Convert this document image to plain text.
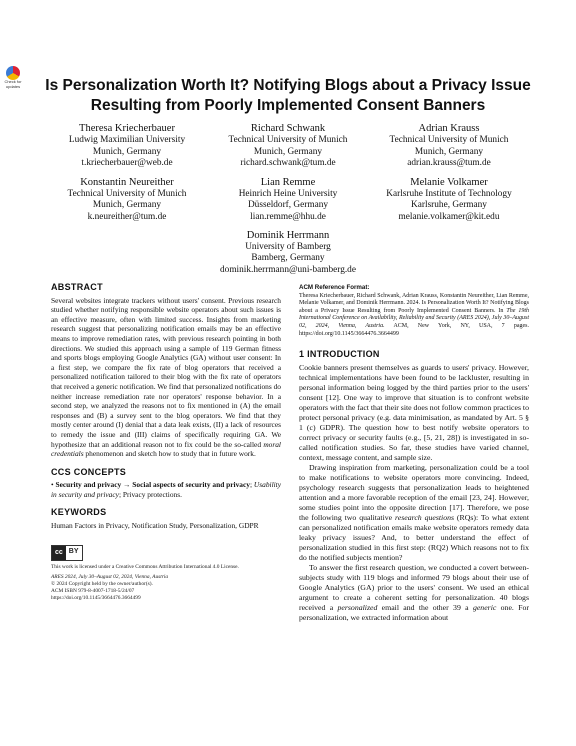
Check for
updates	Is Personalization Worth It? Notifying Blogs about a Privacy Issue Resulting from Poorly Implemented Consent Banners
Theresa Kriecherbauer
Ludwig Maximilian University
Munich, Germany
t.kriecherbauer@web.de
Richard Schwank
Technical University of Munich
Munich, Germany
richard.schwank@tum.de
Adrian Krauss
Technical University of Munich
Munich, Germany
adrian.krauss@tum.de
Konstantin Neureither
Technical University of Munich
Munich, Germany
k.neureither@tum.de
Lian Remme
Heinrich Heine University
Düsseldorf, Germany
lian.remme@hhu.de
Melanie Volkamer
Karlsruhe Institute of Technology
Karlsruhe, Germany
melanie.volkamer@kit.edu
Dominik Herrmann
University of Bamberg
Bamberg, Germany
dominik.herrmann@uni-bamberg.de
ABSTRACT

Several websites integrate trackers without users' consent. Previous research studied whether notifying responsible website operators about such issues is an effective measure, often with limited success. Insights from marketing research suggest that personalizing notification emails may be an effective means to improve remediation rates, with previous research pointing in both directions. We studied this approach using a sample of 119 German fitness and sports blogs employing Google Analytics (GA) without user consent: In a first step, we compare the fix rate of blog operators that received a personalized notification tailored to their blog with the fix rate of operators that received a generic notification. We find that personalized notifications do neither increase remediation rate nor operators' response behavior. In a second step, we analyzed the reasons not to fix mentioned in (A) the email responses and (B) a survey sent to the blog operators. We find that they mostly center around (I) denial that a data leak exists, (II) a lack of resources to remedy the issue and (III) claims of specifically requiring GA. We hypothesize that an additional reason not to fix could be the so-called moral credentials phenomenon and sketch how to study that in future work.

CCS CONCEPTS

• Security and privacy → Social aspects of security and privacy; Usability in security and privacy; Privacy protections.

KEYWORDS

Human Factors in Privacy, Notification Study, Personalization, GDPR

cc BY
This work is licensed under a Creative Commons Attribution International 4.0 License.
ARES 2024, July 30–August 02, 2024, Vienna, Austria
© 2024 Copyright held by the owner/author(s).
ACM ISBN 979-8-4007-1718-5/24/07
https://doi.org/10.1145/3664476.3664499
ACM Reference Format:

Theresa Kriecherbauer, Richard Schwank, Adrian Krauss, Konstantin Neureither, Lian Remme, Melanie Volkamer, and Dominik Herrmann. 2024. Is Personalization Worth It? Notifying Blogs about a Privacy Issue Resulting from Poorly Implemented Consent Banners. In The 19th International Conference on Availability, Reliability and Security (ARES 2024), July 30–August 02, 2024, Vienna, Austria. ACM, New York, NY, USA, 7 pages. https://doi.org/10.1145/3664476.3664499

1 INTRODUCTION

Cookie banners present themselves as guards to users' privacy. However, technical implementations have been found to be lackluster, resulting in personal information being logged by the third parties prior to the users' consent [12]. One way to improve that situation is to confront website operators with the fact that their site does not follow common practices to protect personal privacy (e.g. data minimisation, as mandated by Art. 5 § 1 (c) GDPR). The question how to best notify website operators to correct privacy or security faults (e.g., [5, 21, 28]) is investigated in so-called notification studies. So far, these studies have varied channel, context, message content, and sample size.

Drawing inspiration from marketing, personalization could be a tool to make notifications to website operators more convincing. Indeed, psychology research suggests that personalization leads to heightened attention and a more favorable reception of the email [23, 24]. However, some studies point into the opposite direction [17]. Therefore, we pose the following two qualitative research questions (RQs): To what extent can personalized notification emails make website operators remedy data leaky privacy issues? And, to better understand the effect of personalization studied in this first step: (RQ2) Which reasons not to fix do the notified subjects mention?

To answer the first research question, we conducted a covert between-subjects study with 119 blogs and informed 79 blogs about their use of Google Analytics (GA) prior to the users' consent. We used an ethical argument to create a coherent setting for personalization. 40 blogs received a personalized email and the other 39 a generic one. For personalization, we extracted information about
